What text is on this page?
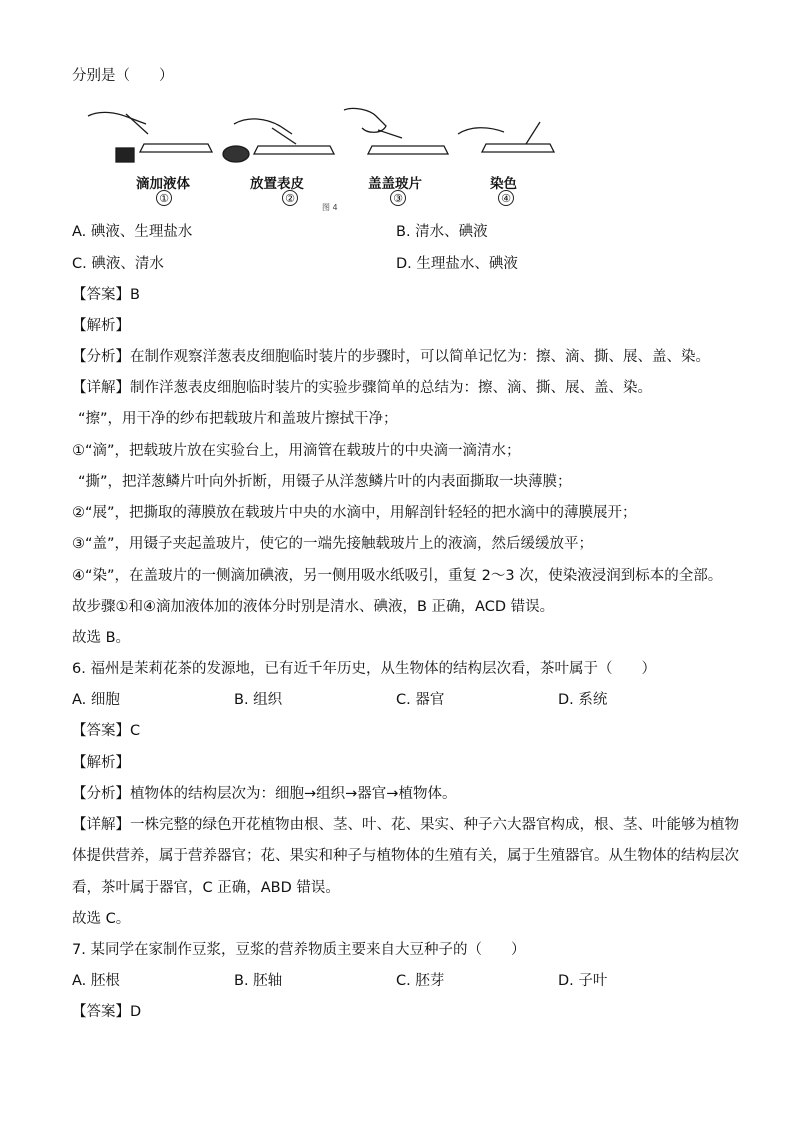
分别是（　　）
滴加液体
①
放置表皮
②
盖盖玻片
③
染色
④
图 4
A. 碘液、生理盐水	B. 清水、碘液
C. 碘液、清水	D. 生理盐水、碘液
【答案】B
【解析】
【分析】在制作观察洋葱表皮细胞临时装片的步骤时，可以简单记忆为：擦、滴、撕、展、盖、染。
【详解】制作洋葱表皮细胞临时装片的实验步骤简单的总结为：擦、滴、撕、展、盖、染。
“擦”，用干净的纱布把载玻片和盖玻片擦拭干净；
①“滴”，把载玻片放在实验台上，用滴管在载玻片的中央滴一滴清水；
“撕”，把洋葱鳞片叶向外折断，用镊子从洋葱鳞片叶的内表面撕取一块薄膜；
②“展”，把撕取的薄膜放在载玻片中央的水滴中，用解剖针轻轻的把水滴中的薄膜展开；
③“盖”，用镊子夹起盖玻片，使它的一端先接触载玻片上的液滴，然后缓缓放平；
④“染”，在盖玻片的一侧滴加碘液，另一侧用吸水纸吸引，重复 2～3 次，使染液浸润到标本的全部。
故步骤①和④滴加液体加的液体分时别是清水、碘液，B 正确，ACD 错误。
故选 B。
6. 福州是茉莉花茶的发源地，已有近千年历史，从生物体的结构层次看，茶叶属于（　　）
A. 细胞	B. 组织	C. 器官	D. 系统
【答案】C
【解析】
【分析】植物体的结构层次为：细胞→组织→器官→植物体。
【详解】一株完整的绿色开花植物由根、茎、叶、花、果实、种子六大器官构成，根、茎、叶能够为植物
体提供营养，属于营养器官；花、果实和种子与植物体的生殖有关，属于生殖器官。从生物体的结构层次
看，茶叶属于器官，C 正确，ABD 错误。
故选 C。
7. 某同学在家制作豆浆，豆浆的营养物质主要来自大豆种子的（　　）
A. 胚根	B. 胚轴	C. 胚芽	D. 子叶
【答案】D
